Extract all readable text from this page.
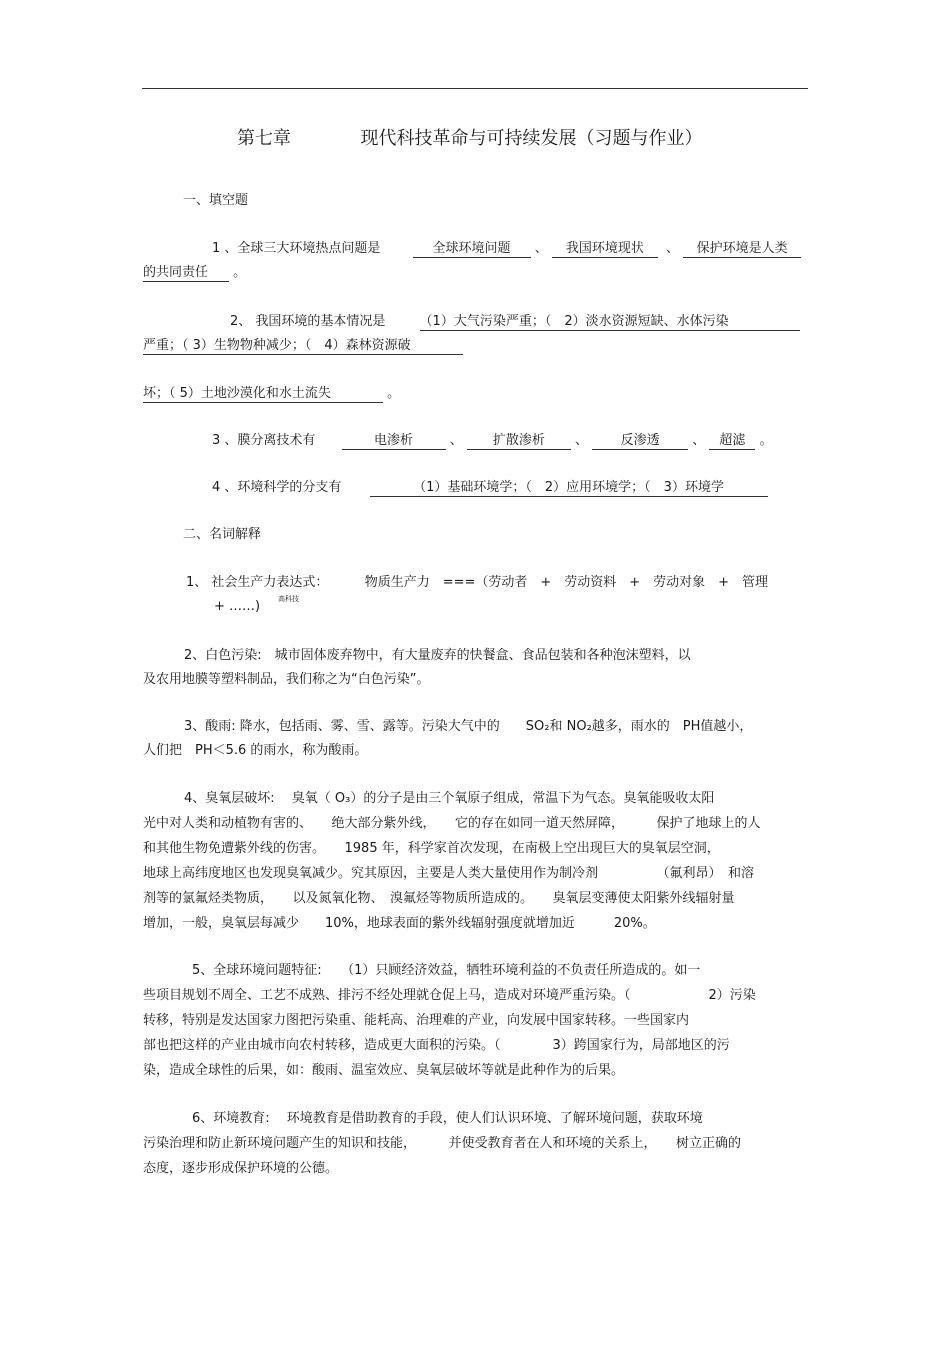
第七章	现代科技革命与可持续发展（习题与作业）
一、填空题
1 、全球三大环境热点问题是	全球环境问题 、 我国环境现状 、 保护环境是人类
的共同责任 。
2、 我国环境的基本情况是	（1）大气污染严重；（　2）淡水资源短缺、水体污染
严重；（ 3）生物物种减少；（　4）森林资源破
坏；（ 5）土地沙漠化和水土流失	。
3 、膜分离技术有	电渗析	、 扩散渗析 、	反渗透	、 超滤 。
4 、环境科学的分支有	（1）基础环境学；（　2）应用环境学；（　3）环境学
二、名词解释
1、 社会生产力表达式：	物质生产力　===（劳动者　+　劳动资料　+　劳动对象　+　管理
+ ……)	高科技
2、白色污染:　城市固体废弃物中，有大量废弃的快餐盒、食品包装和各种泡沫塑料，以
及农用地膜等塑料制品，我们称之为“白色污染”。
3、酸雨: 降水，包括雨、雾、雪、露等。污染大气中的　　SO₂和 NO₂越多，雨水的　PH值越小，
人们把　PH＜5.6 的雨水，称为酸雨。
4、臭氧层破坏:　 臭氧（ O₃）的分子是由三个氧原子组成，常温下为气态。臭氧能吸收太阳
光中对人类和动植物有害的、　　绝大部分紫外线，　　它的存在如同一道天然屏障，　　　保护了地球上的人
和其他生物免遭紫外线的伤害。　　1985 年，科学家首次发现，在南极上空出现巨大的臭氧层空洞，
地球上高纬度地区也发现臭氧减少。究其原因，主要是人类大量使用作为制冷剂　　　　　（氟利昂）　和溶
剂等的氯氟烃类物质，　　以及氮氧化物、　溴氟烃等物质所造成的。　　臭氧层变薄使太阳紫外线辐射量
增加，一般，臭氧层每减少　　10%，地球表面的紫外线辐射强度就增加近　　　20%。
5、全球环境问题特征:　　（1）只顾经济效益，牺牲环境利益的不负责任所造成的。如一
些项目规划不周全、工艺不成熟、排污不经处理就仓促上马，造成对环境严重污染。（　　　　　　2）污染
转移，特别是发达国家力图把污染重、能耗高、治理难的产业，向发展中国家转移。一些国家内
部也把这样的产业由城市向农村转移，造成更大面积的污染。（　　　　3）跨国家行为，局部地区的污
染，造成全球性的后果，如：酸雨、温室效应、臭氧层破坏等就是此种作为的后果。
6、环境教育:　 环境教育是借助教育的手段，使人们认识环境、了解环境问题，获取环境
污染治理和防止新环境问题产生的知识和技能，　　　并使受教育者在人和环境的关系上，　　树立正确的
态度，逐步形成保护环境的公德。
